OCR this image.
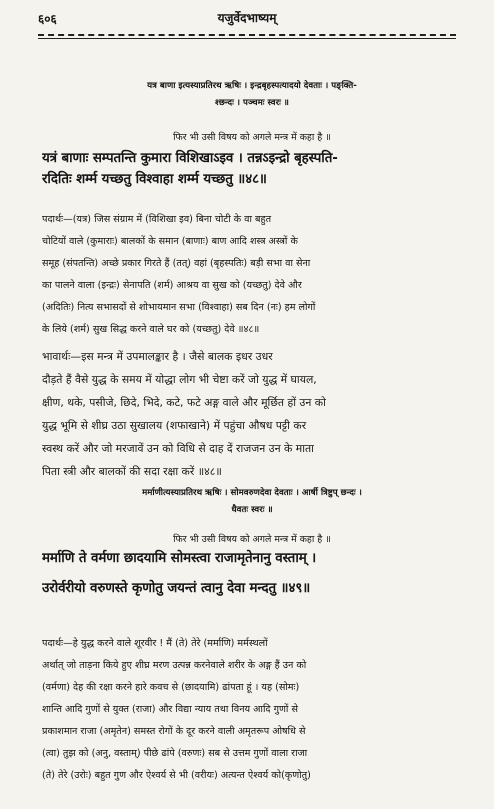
६०६	यजुर्वेदभाष्यम्
यत्र बाणा इत्यस्याप्रतिरथ ऋषिः । इन्द्रबृहस्पत्यादयो देवताः । पङ्क्ति-
श्छन्दः । पञ्चमः स्वरः ॥
फिर भी उसी विषय को अगले मन्त्र में कहा है ॥
यत्रं बाणाः सम्पतन्ति कुमारा विशिखाऽइव । तन्नऽइन्द्रो बृहस्पति-
रदितिः शर्म्म यच्छतु विश्वाहा शर्म्म यच्छतु ॥४८॥
पदार्थः—(यत्र) जिस संग्राम में (विशिखा इव) बिना चोटी के वा बहुत
चोटियों वाले (कुमाराः) बालकों के समान (बाणाः) बाण आदि शस्त्र अस्त्रों के
समूह (संपतन्ति) अच्छे प्रकार गिरते हैं (तत्) वहां (बृहस्पतिः) बड़ी सभा वा सेना
का पालने वाला (इन्द्रः) सेनापति (शर्म) आश्रय वा सुख को (यच्छतु) देवे और
(अदितिः) नित्य सभासदों से शोभायमान सभा (विश्वाहा) सब दिन (नः) हम लोगों
के लिये (शर्म) सुख सिद्ध करने वाले घर को (यच्छतु) देवे ॥४८॥
भावार्थः—इस मन्त्र में उपमालङ्कार है । जैसे बालक इधर उधर
दौड़ते हैं वैसे युद्ध के समय में योद्धा लोग भी चेष्टा करें जो युद्ध में घायल,
क्षीण, थके, पसीजे, छिदे, भिदे, कटे, फटे अङ्ग वाले और मूर्छित हों उन को
युद्ध भूमि से शीघ्र उठा सुखालय (शफाखाने) में पहुंचा औषध पट्टी कर
स्वस्थ करें और जो मरजावें उन को विधि से दाह दें राजजन उन के माता
पिता स्त्री और बालकों की सदा रक्षा करें ॥४८॥
मर्माणीत्यस्याप्रतिरथ ऋषिः । सोमवरुणदेवा देवताः । आर्षी त्रिष्टुप् छन्दः ।
धैवतः स्वरः ॥
फिर भी उसी विषय को अगले मन्त्र में कहा है ॥
मर्माणि ते वर्मणा छादयामि सोमस्त्वा राजामृतेनानु वस्ताम् ।
उरोर्वरीयो वरुणस्ते कृणोतु जयन्तं त्वानु देवा मन्दतु ॥४९॥
पदार्थः—हे युद्ध करने वाले शूरवीर ! मैं (ते) तेरे (मर्माणि) मर्मस्थलों
अर्थात् जो ताड़ना किये हुए शीघ्र मरण उत्पन्न करनेवाले शरीर के अङ्ग हैं उन को
(वर्मणा) देह की रक्षा करने हारे कवच से (छादयामि) ढांपता हूं । यह (सोमः)
शान्ति आदि गुणों से युक्त (राजा) और विद्या न्याय तथा विनय आदि गुणों से
प्रकाशमान राजा (अमृतेन) समस्त रोगों के दूर करने वाली अमृतरूप ओषधि से
(त्वा) तुझ को (अनु, वस्ताम्) पीछे ढांपे (वरुणः) सब से उत्तम गुणों वाला राजा
(ते) तेरे (उरोः) बहुत गुण और ऐश्वर्य से भी (वरीयः) अत्यन्त ऐश्वर्य को(कृणोतु)
